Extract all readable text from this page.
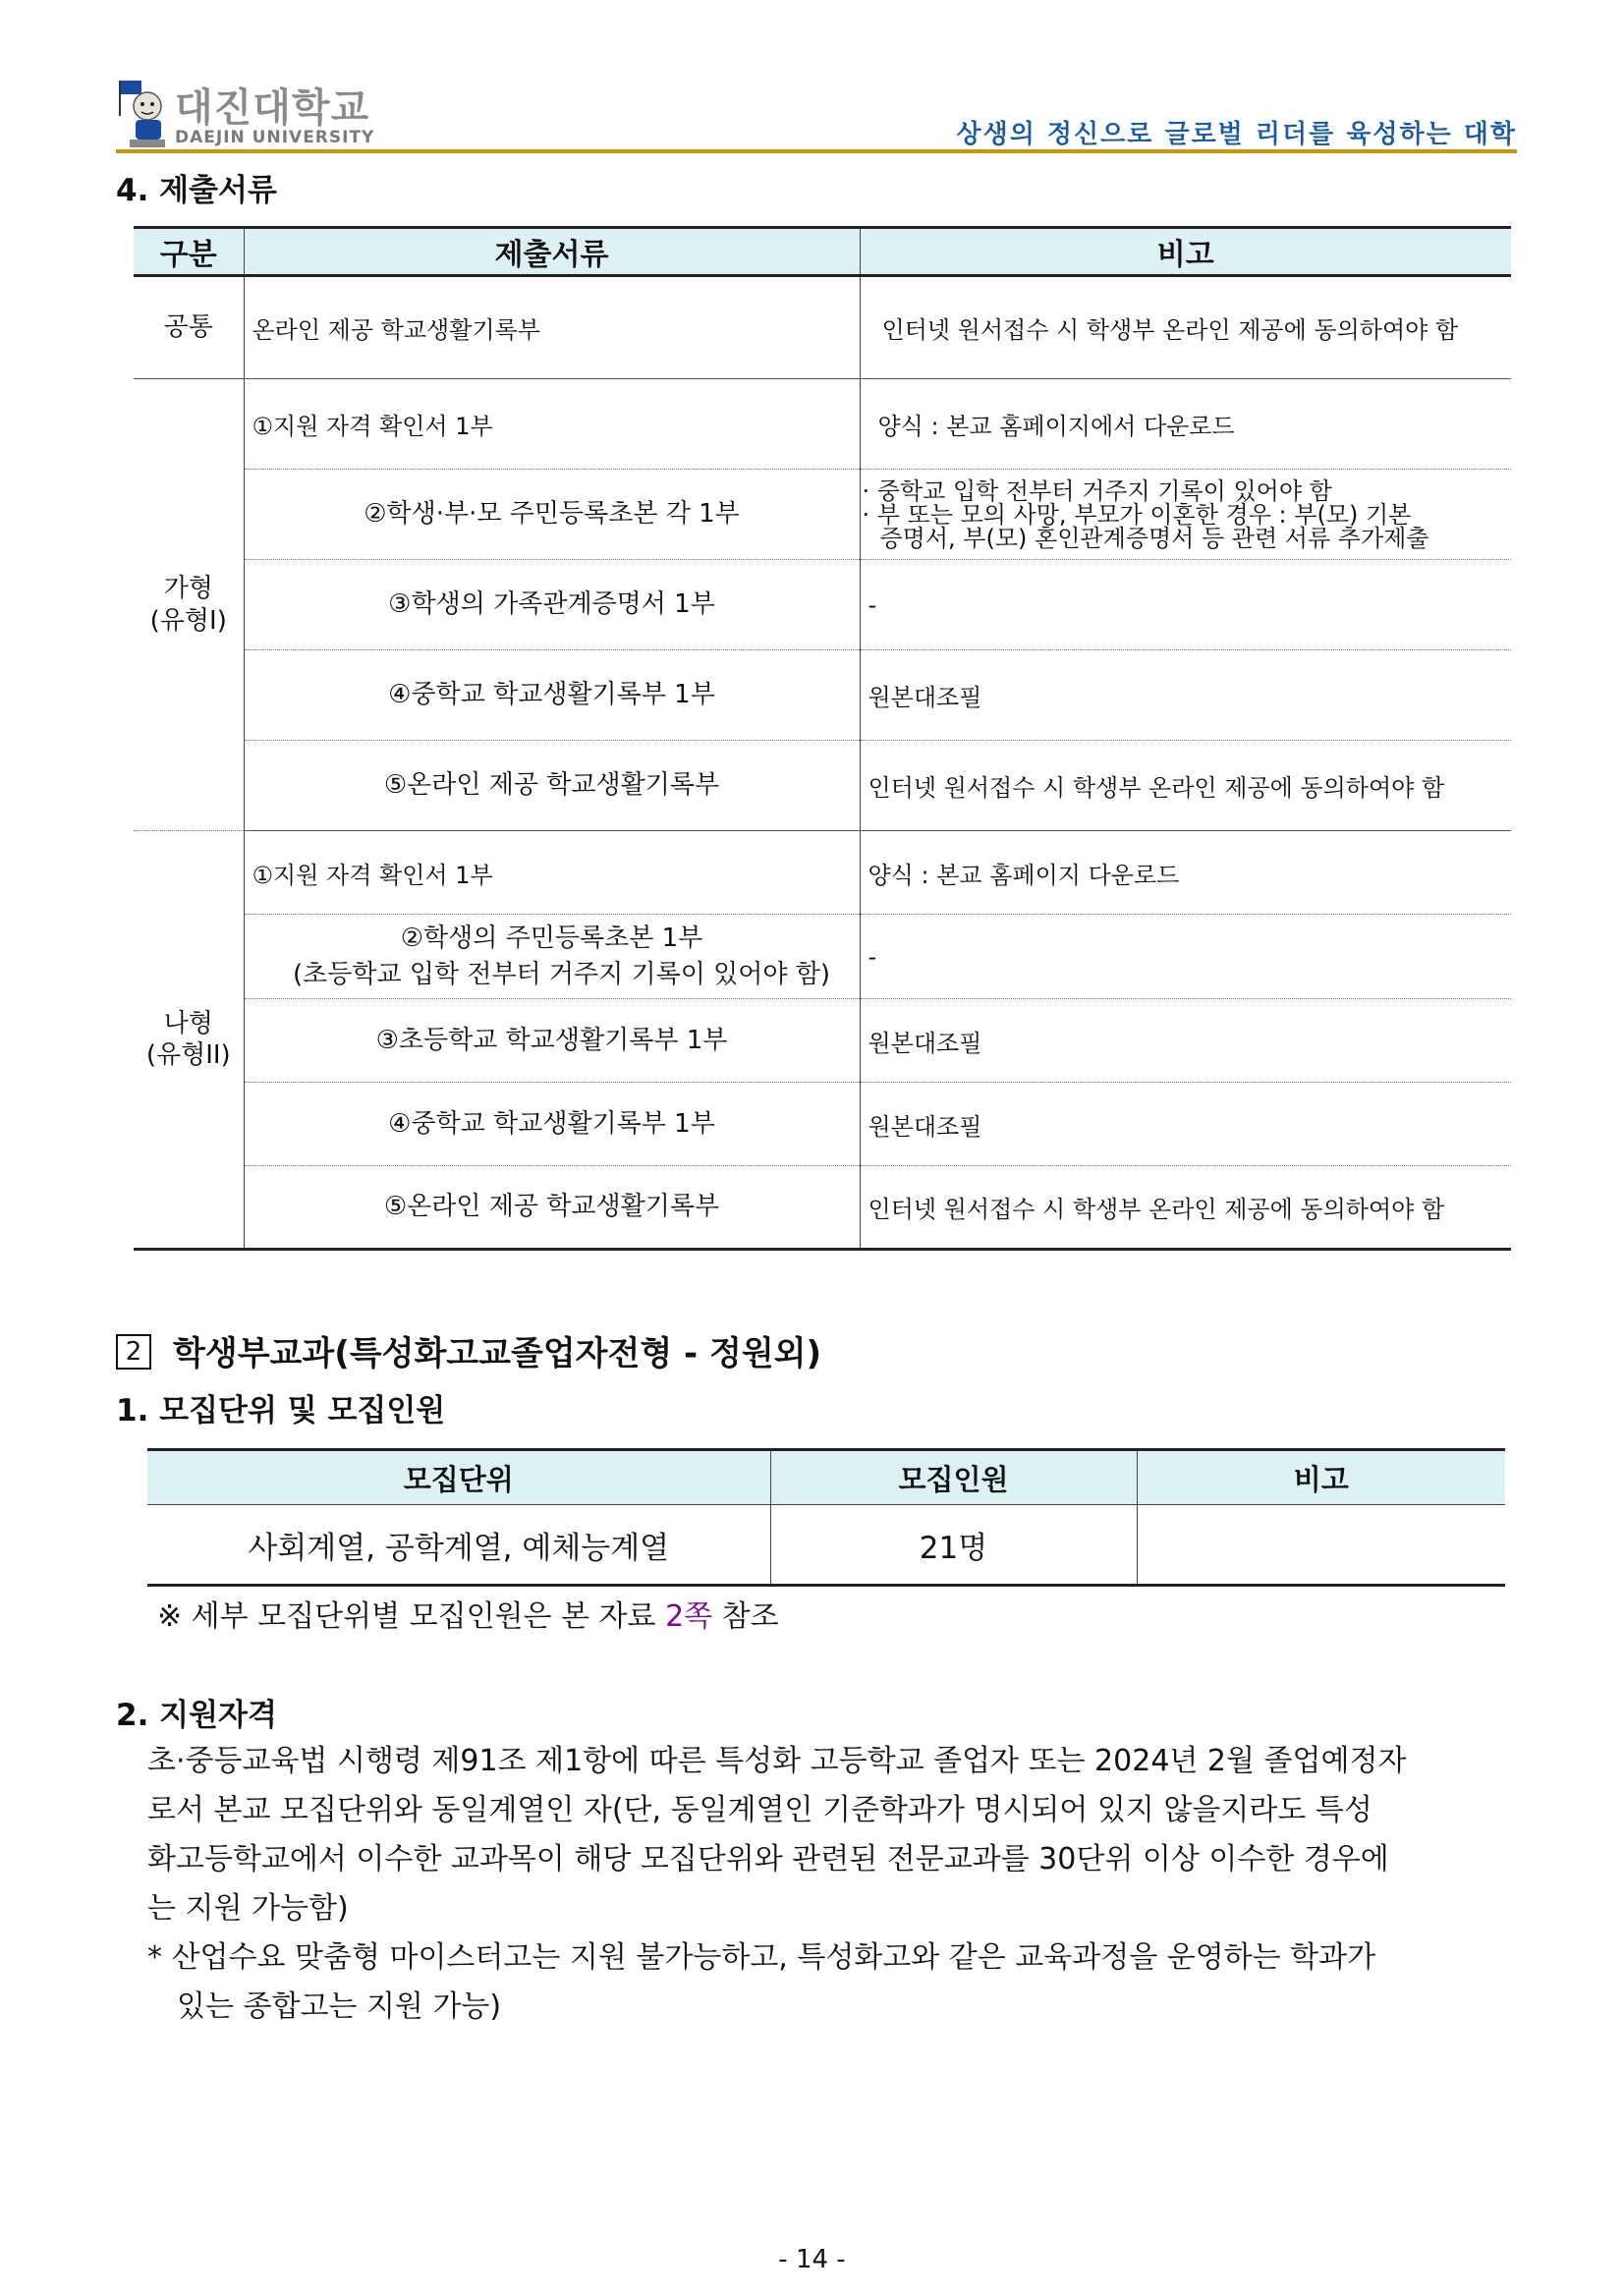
대진대학교
DAEJIN UNIVERSITY	상생의 정신으로 글로벌 리더를 육성하는 대학
4. 제출서류
구분	제출서류	비고
공통	온라인 제공 학교생활기록부	인터넷 원서접수 시 학생부 온라인 제공에 동의하여야 함
가형
(유형I)	①지원 자격 확인서 1부	양식 : 본교 홈페이지에서 다운로드
	②학생·부·모 주민등록초본 각 1부	· 중학교 입학 전부터 거주지 기록이 있어야 함
· 부 또는 모의 사망, 부모가 이혼한 경우 : 부(모) 기본
증명서, 부(모) 혼인관계증명서 등 관련 서류 추가제출

	③학생의 가족관계증명서 1부	-
	④중학교 학교생활기록부 1부	원본대조필
	⑤온라인 제공 학교생활기록부	인터넷 원서접수 시 학생부 온라인 제공에 동의하여야 함
나형
(유형II)	①지원 자격 확인서 1부	양식 : 본교 홈페이지 다운로드

	②학생의 주민등록초본 1부
(초등학교 입학 전부터 거주지 기록이 있어야 함)	-
	③초등학교 학교생활기록부 1부	원본대조필
	④중학교 학교생활기록부 1부	원본대조필
	⑤온라인 제공 학교생활기록부	인터넷 원서접수 시 학생부 온라인 제공에 동의하여야 함
2 학생부교과(특성화고교졸업자전형 - 정원외)
1. 모집단위 및 모집인원
모집단위	모집인원	비고
사회계열, 공학계열, 예체능계열	21명	
※ 세부 모집단위별 모집인원은 본 자료 2쪽 참조
2. 지원자격
초·중등교육법 시행령 제91조 제1항에 따른 특성화 고등학교 졸업자 또는 2024년 2월 졸업예정자
로서 본교 모집단위와 동일계열인 자(단, 동일계열인 기준학과가 명시되어 있지 않을지라도 특성
화고등학교에서 이수한 교과목이 해당 모집단위와 관련된 전문교과를 30단위 이상 이수한 경우에
는 지원 가능함)
* 산업수요 맞춤형 마이스터고는 지원 불가능하고, 특성화고와 같은 교육과정을 운영하는 학과가
있는 종합고는 지원 가능)
- 14 -
